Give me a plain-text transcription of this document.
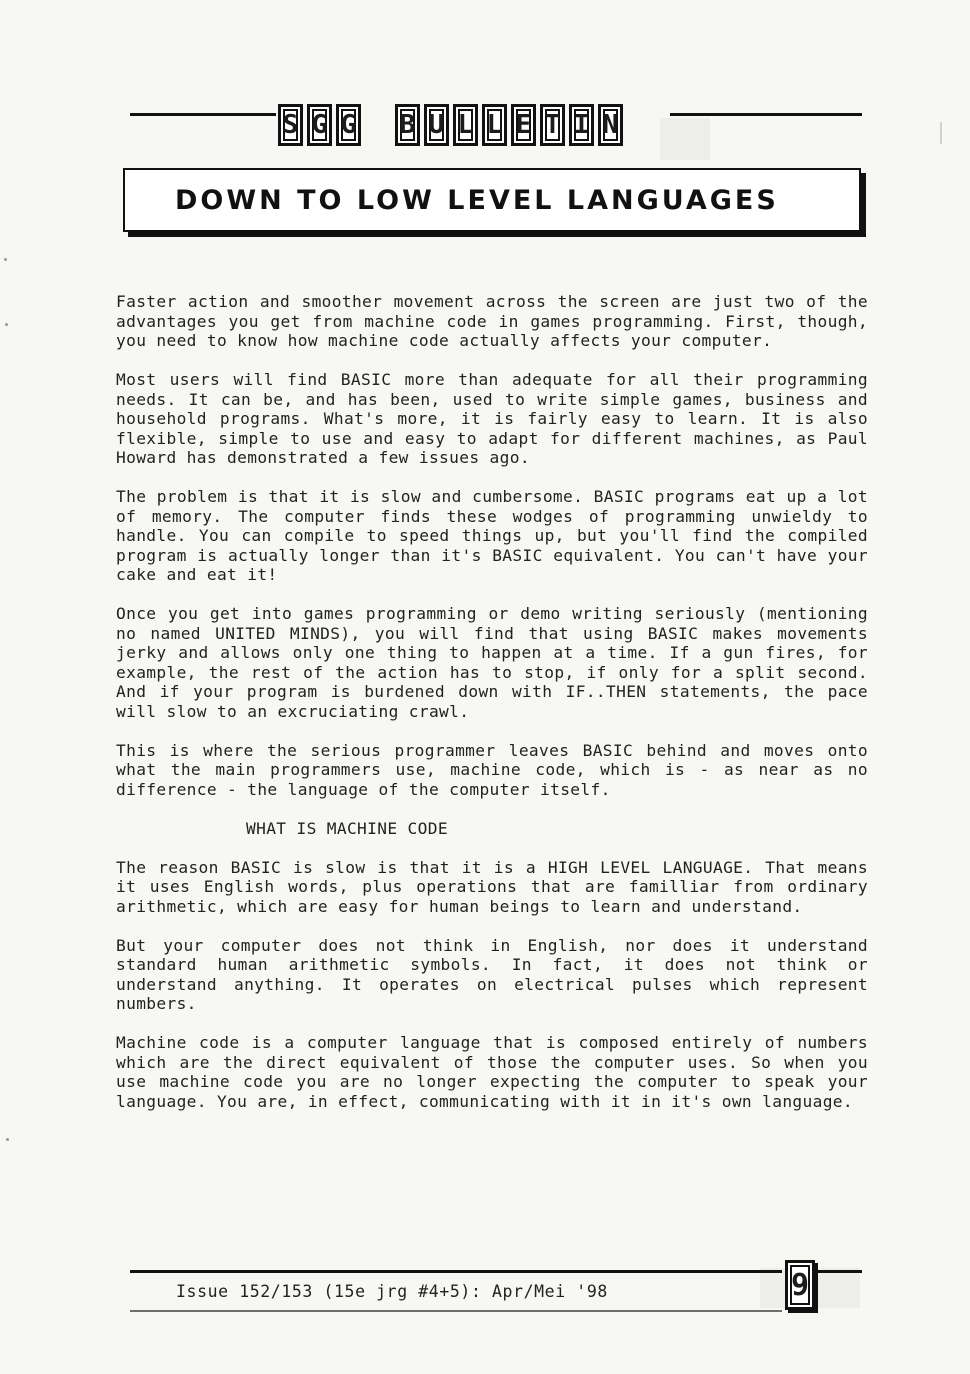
S G G B U L L E T I N
DOWN TO LOW LEVEL LANGUAGES

Faster action and smoother movement across the screen are just two of the advantages you get from machine code in games programming. First, though, you need to know how machine code actually affects your computer.

Most users will find BASIC more than adequate for all their programming needs. It can be, and has been, used to write simple games, business and household programs. What's more, it is fairly easy to learn. It is also flexible, simple to use and easy to adapt for different machines, as Paul Howard has demonstrated a few issues ago.

The problem is that it is slow and cumbersome. BASIC programs eat up a lot of memory. The computer finds these wodges of programming unwieldy to handle. You can compile to speed things up, but you'll find the compiled program is actually longer than it's BASIC equivalent. You can't have your cake and eat it!

Once you get into games programming or demo writing seriously (mentioning no named UNITED MINDS), you will find that using BASIC makes movements jerky and allows only one thing to happen at a time. If a gun fires, for example, the rest of the action has to stop, if only for a split second. And if your program is burdened down with IF..THEN statements, the pace will slow to an excruciating crawl.

This is where the serious programmer leaves BASIC behind and moves onto what the main programmers use, machine code, which is - as near as no difference - the language of the computer itself.

WHAT IS MACHINE CODE

The reason BASIC is slow is that it is a HIGH LEVEL LANGUAGE. That means it uses English words, plus operations that are familliar from ordinary arithmetic, which are easy for human beings to learn and understand.

But your computer does not think in English, nor does it understand standard human arithmetic symbols. In fact, it does not think or understand anything. It operates on electrical pulses which represent numbers.

Machine code is a computer language that is composed entirely of numbers which are the direct equivalent of those the computer uses. So when you use machine code you are no longer expecting the computer to speak your language. You are, in effect, communicating with it in it's own language.

Issue 152/153 (15e jrg #4+5): Apr/Mei '98	9
